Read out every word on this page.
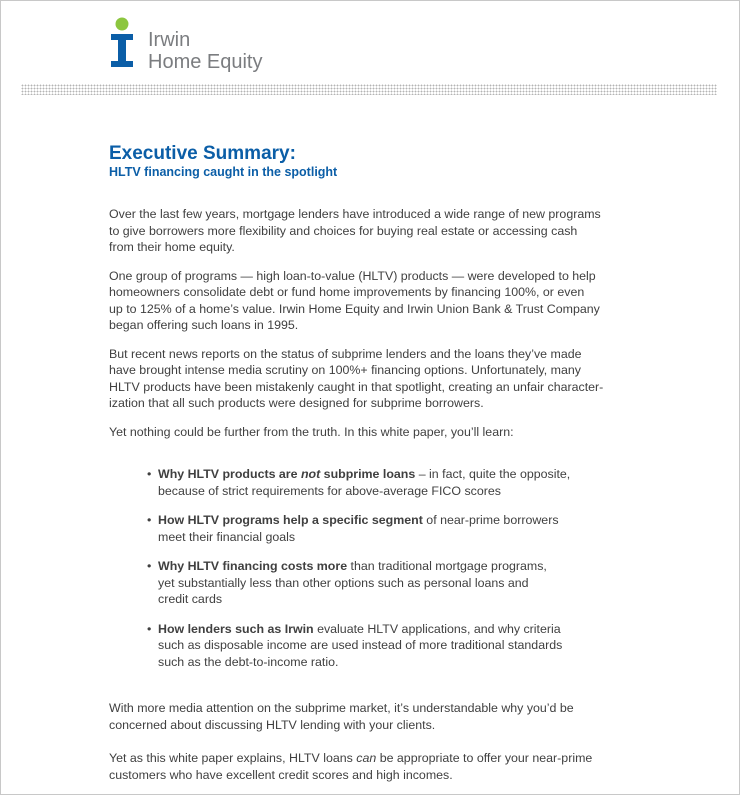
Irwin
Home Equity
Executive Summary:
HLTV financing caught in the spotlight

Over the last few years, mortgage lenders have introduced a wide range of new programs
to give borrowers more flexibility and choices for buying real estate or accessing cash
from their home equity.

One group of programs — high loan-to-value (HLTV) products — were developed to help
homeowners consolidate debt or fund home improvements by financing 100%, or even
up to 125% of a home’s value. Irwin Home Equity and Irwin Union Bank & Trust Company
began offering such loans in 1995.

But recent news reports on the status of subprime lenders and the loans they’ve made
have brought intense media scrutiny on 100%+ financing options. Unfortunately, many
HLTV products have been mistakenly caught in that spotlight, creating an unfair character-
ization that all such products were designed for subprime borrowers.

Yet nothing could be further from the truth. In this white paper, you’ll learn:

• Why HLTV products are not subprime loans – in fact, quite the opposite,
because of strict requirements for above-average FICO scores
• How HLTV programs help a specific segment of near-prime borrowers
meet their financial goals
• Why HLTV financing costs more than traditional mortgage programs,
yet substantially less than other options such as personal loans and
credit cards
• How lenders such as Irwin evaluate HLTV applications, and why criteria
such as disposable income are used instead of more traditional standards
such as the debt-to-income ratio.

With more media attention on the subprime market, it’s understandable why you’d be
concerned about discussing HLTV lending with your clients.

Yet as this white paper explains, HLTV loans can be appropriate to offer your near-prime
customers who have excellent credit scores and high incomes.
